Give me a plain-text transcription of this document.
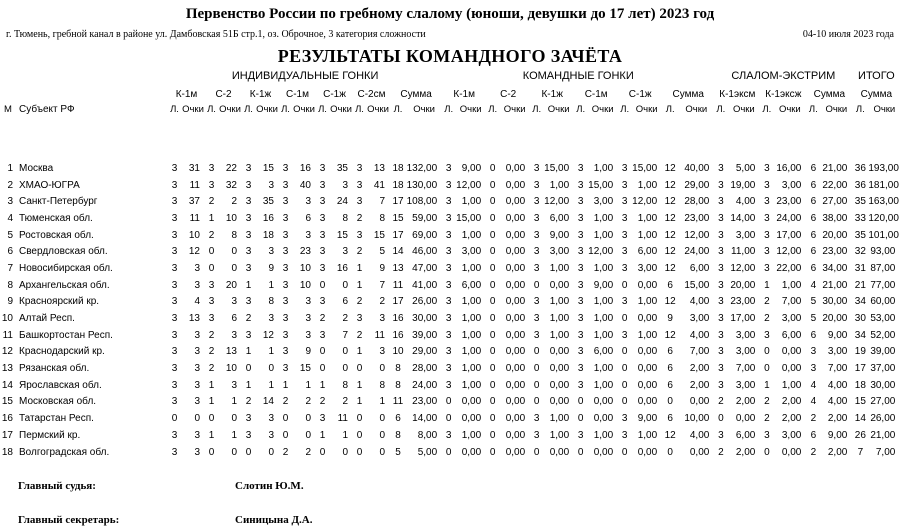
Первенство России по гребному слалому (юноши, девушки до 17 лет) 2023 год
г. Тюмень, гребной канал в районе ул. Дамбовская 51Б стр.1, оз. Оброчное, 3 категория сложности	04-10 июля 2023 года
РЕЗУЛЬТАТЫ КОМАНДНОГО ЗАЧЁТА
		ИНДИВИДУАЛЬНЫЕ ГОНКИ														КОМАНДНЫЕ ГОНКИ												СЛАЛОМ-ЭКСТРИМ						ИТОГО	
		К-1м		С-2		К-1ж		С-1м		С-1ж		С-2см		Сумма		К-1м		С-2		К-1ж		С-1м		С-1ж		Сумма		К-1эксм		К-1эксж		Сумма		Сумма	
М	Субъект РФ	Л.	Очки	Л.	Очки	Л.	Очки	Л.	Очки	Л.	Очки	Л.	Очки	Л.	Очки	Л.	Очки	Л.	Очки	Л.	Очки	Л.	Очки	Л.	Очки	Л.	Очки	Л.	Очки	Л.	Очки	Л.	Очки	Л.	Очки

1	Москва	3	31	3	22	3	15	3	16	3	35	3	13	18	132,00	3	9,00	0	0,00	3	15,00	3	1,00	3	15,00	12	40,00	3	5,00	3	16,00	6	21,00	36	193,00
2	ХМАО-ЮГРА	3	11	3	32	3	3	3	40	3	3	3	41	18	130,00	3	12,00	0	0,00	3	1,00	3	15,00	3	1,00	12	29,00	3	19,00	3	3,00	6	22,00	36	181,00
3	Санкт-Петербург	3	37	2	2	3	35	3	3	3	24	3	7	17	108,00	3	1,00	0	0,00	3	12,00	3	3,00	3	12,00	12	28,00	3	4,00	3	23,00	6	27,00	35	163,00
4	Тюменская обл.	3	11	1	10	3	16	3	6	3	8	2	8	15	59,00	3	15,00	0	0,00	3	6,00	3	1,00	3	1,00	12	23,00	3	14,00	3	24,00	6	38,00	33	120,00
5	Ростовская обл.	3	10	2	8	3	18	3	3	3	15	3	15	17	69,00	3	1,00	0	0,00	3	9,00	3	1,00	3	1,00	12	12,00	3	3,00	3	17,00	6	20,00	35	101,00
6	Свердловская обл.	3	12	0	0	3	3	3	23	3	3	2	5	14	46,00	3	3,00	0	0,00	3	3,00	3	12,00	3	6,00	12	24,00	3	11,00	3	12,00	6	23,00	32	93,00
7	Новосибирская обл.	3	3	0	0	3	9	3	10	3	16	1	9	13	47,00	3	1,00	0	0,00	3	1,00	3	1,00	3	3,00	12	6,00	3	12,00	3	22,00	6	34,00	31	87,00
8	Архангельская обл.	3	3	3	20	1	1	3	10	0	0	1	7	11	41,00	3	6,00	0	0,00	0	0,00	3	9,00	0	0,00	6	15,00	3	20,00	1	1,00	4	21,00	21	77,00
9	Красноярский кр.	3	4	3	3	3	8	3	3	3	6	2	2	17	26,00	3	1,00	0	0,00	3	1,00	3	1,00	3	1,00	12	4,00	3	23,00	2	7,00	5	30,00	34	60,00
10	Алтай Респ.	3	13	3	6	2	3	3	3	2	2	3	3	16	30,00	3	1,00	0	0,00	3	1,00	3	1,00	0	0,00	9	3,00	3	17,00	2	3,00	5	20,00	30	53,00
11	Башкортостан Респ.	3	3	2	3	3	12	3	3	3	7	2	11	16	39,00	3	1,00	0	0,00	3	1,00	3	1,00	3	1,00	12	4,00	3	3,00	3	6,00	6	9,00	34	52,00
12	Краснодарский кр.	3	3	2	13	1	1	3	9	0	0	1	3	10	29,00	3	1,00	0	0,00	0	0,00	3	6,00	0	0,00	6	7,00	3	3,00	0	0,00	3	3,00	19	39,00
13	Рязанская обл.	3	3	2	10	0	0	3	15	0	0	0	0	8	28,00	3	1,00	0	0,00	0	0,00	3	1,00	0	0,00	6	2,00	3	7,00	0	0,00	3	7,00	17	37,00
14	Ярославская обл.	3	3	1	3	1	1	1	1	1	8	1	8	8	24,00	3	1,00	0	0,00	0	0,00	3	1,00	0	0,00	6	2,00	3	3,00	1	1,00	4	4,00	18	30,00
15	Московская обл.	3	3	1	1	2	14	2	2	2	2	1	1	11	23,00	0	0,00	0	0,00	0	0,00	0	0,00	0	0,00	0	0,00	2	2,00	2	2,00	4	4,00	15	27,00
16	Татарстан Респ.	0	0	0	0	3	3	0	0	3	11	0	0	6	14,00	0	0,00	0	0,00	3	1,00	0	0,00	3	9,00	6	10,00	0	0,00	2	2,00	2	2,00	14	26,00
17	Пермский кр.	3	3	1	1	3	3	0	0	1	1	0	0	8	8,00	3	1,00	0	0,00	3	1,00	3	1,00	3	1,00	12	4,00	3	6,00	3	3,00	6	9,00	26	21,00
18	Волгоградская обл.	3	3	0	0	0	0	2	2	0	0	0	0	5	5,00	0	0,00	0	0,00	0	0,00	0	0,00	0	0,00	0	0,00	2	2,00	0	0,00	2	2,00	7	7,00
Главный судья:	Слотин Ю.М.
Главный секретарь:	Синицына Д.А.
